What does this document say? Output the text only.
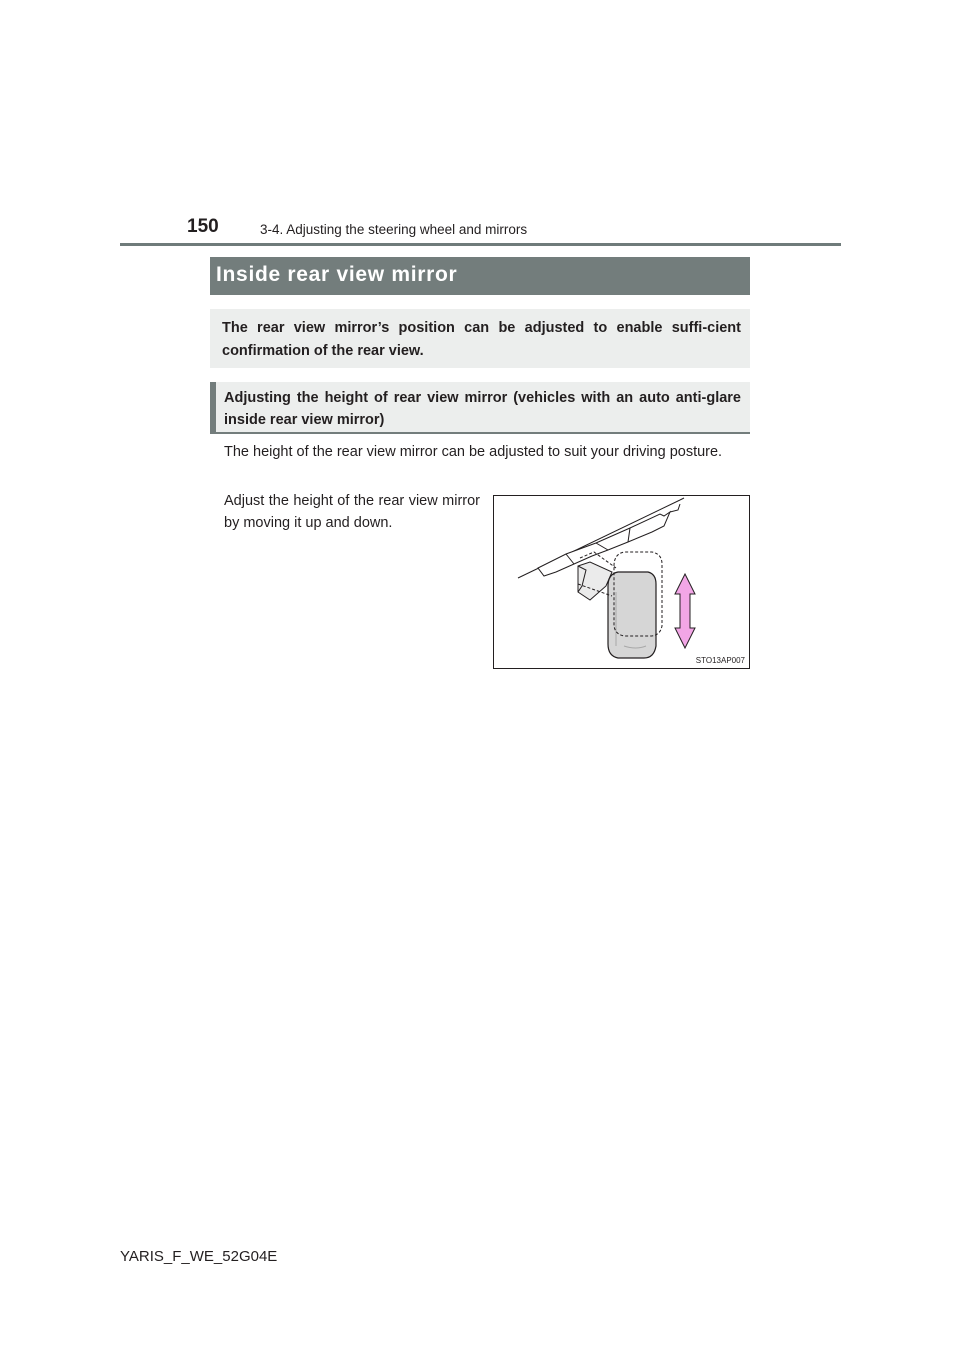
150	3-4. Adjusting the steering wheel and mirrors
Inside rear view mirror
The rear view mirror’s position can be adjusted to enable suffi-cient confirmation of the rear view.
Adjusting the height of rear view mirror (vehicles with an auto anti-glare inside rear view mirror)
The height of the rear view mirror can be adjusted to suit your driving posture.
Adjust the height of the rear view mirror by moving it up and down.
STO13AP007
YARIS_F_WE_52G04E
